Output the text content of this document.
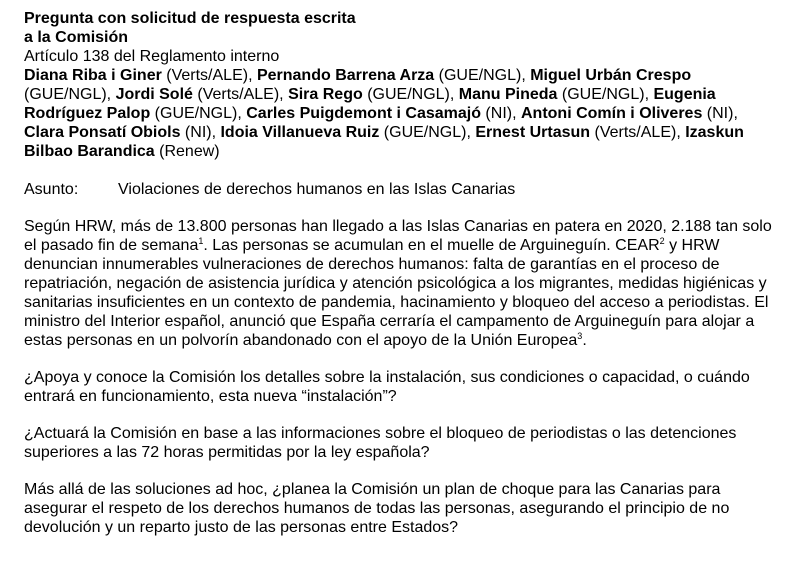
Pregunta con solicitud de respuesta escrita
a la Comisión
Artículo 138 del Reglamento interno

Diana Riba i Giner (Verts/ALE), Pernando Barrena Arza (GUE/NGL), Miguel Urbán Crespo (GUE/NGL), Jordi Solé (Verts/ALE), Sira Rego (GUE/NGL), Manu Pineda (GUE/NGL), Eugenia Rodríguez Palop (GUE/NGL), Carles Puigdemont i Casamajó (NI), Antoni Comín i Oliveres (NI), Clara Ponsatí Obiols (NI), Idoia Villanueva Ruiz (GUE/NGL), Ernest Urtasun (Verts/ALE), Izaskun Bilbao Barandica (Renew)

Asunto:	Violaciones de derechos humanos en las Islas Canarias

Según HRW, más de 13.800 personas han llegado a las Islas Canarias en patera en 2020, 2.188 tan solo el pasado fin de semana$^1$. Las personas se acumulan en el muelle de Arguineguín. CEAR$^2$ y HRW denuncian innumerables vulneraciones de derechos humanos: falta de garantías en el proceso de repatriación, negación de asistencia jurídica y atención psicológica a los migrantes, medidas higiénicas y sanitarias insuficientes en un contexto de pandemia, hacinamiento y bloqueo del acceso a periodistas. El ministro del Interior español, anunció que España cerraría el campamento de Arguineguín para alojar a estas personas en un polvorín abandonado con el apoyo de la Unión Europea$^3$.

¿Apoya y conoce la Comisión los detalles sobre la instalación, sus condiciones o capacidad, o cuándo entrará en funcionamiento, esta nueva “instalación”?

¿Actuará la Comisión en base a las informaciones sobre el bloqueo de periodistas o las detenciones superiores a las 72 horas permitidas por la ley española?

Más allá de las soluciones ad hoc, ¿planea la Comisión un plan de choque para las Canarias para asegurar el respeto de los derechos humanos de todas las personas, asegurando el principio de no devolución y un reparto justo de las personas entre Estados?
